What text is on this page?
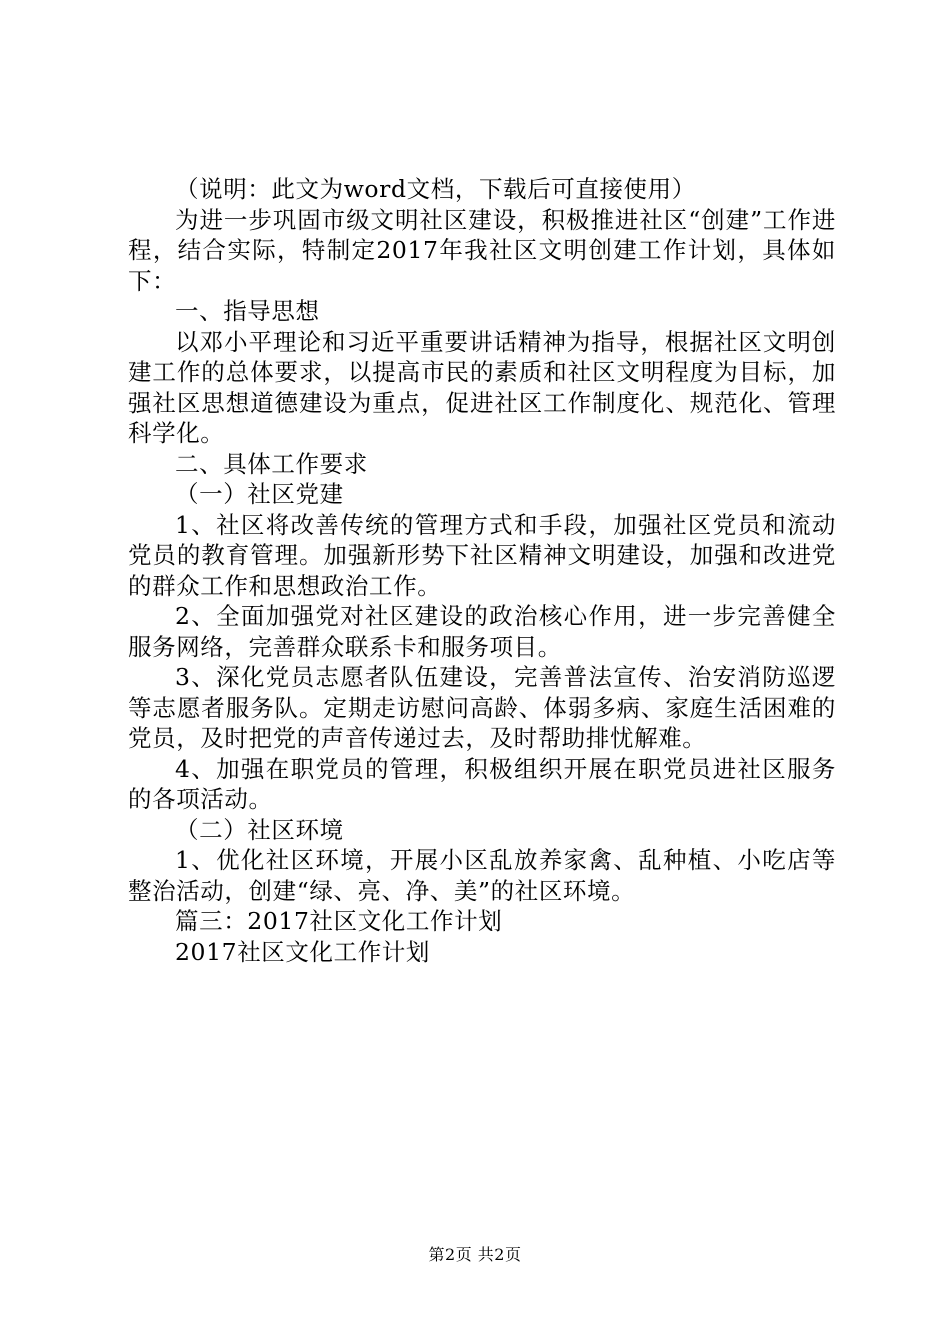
（说明：此文为word文档，下载后可直接使用）

为进一步巩固市级文明社区建设，积极推进社区“创建”工作进程，结合实际，特制定2017年我社区文明创建工作计划，具体如下：

一、指导思想

以邓小平理论和习近平重要讲话精神为指导，根据社区文明创建工作的总体要求，以提高市民的素质和社区文明程度为目标，加强社区思想道德建设为重点，促进社区工作制度化、规范化、管理科学化。

二、具体工作要求

（一）社区党建

1、社区将改善传统的管理方式和手段，加强社区党员和流动党员的教育管理。加强新形势下社区精神文明建设，加强和改进党的群众工作和思想政治工作。

2、全面加强党对社区建设的政治核心作用，进一步完善健全服务网络，完善群众联系卡和服务项目。

3、深化党员志愿者队伍建设，完善普法宣传、治安消防巡逻等志愿者服务队。定期走访慰问高龄、体弱多病、家庭生活困难的党员，及时把党的声音传递过去，及时帮助排忧解难。

4、加强在职党员的管理，积极组织开展在职党员进社区服务的各项活动。

（二）社区环境

1、优化社区环境，开展小区乱放养家禽、乱种植、小吃店等整治活动，创建“绿、亮、净、美”的社区环境。

篇三：2017社区文化工作计划

2017社区文化工作计划

第2页 共2页
